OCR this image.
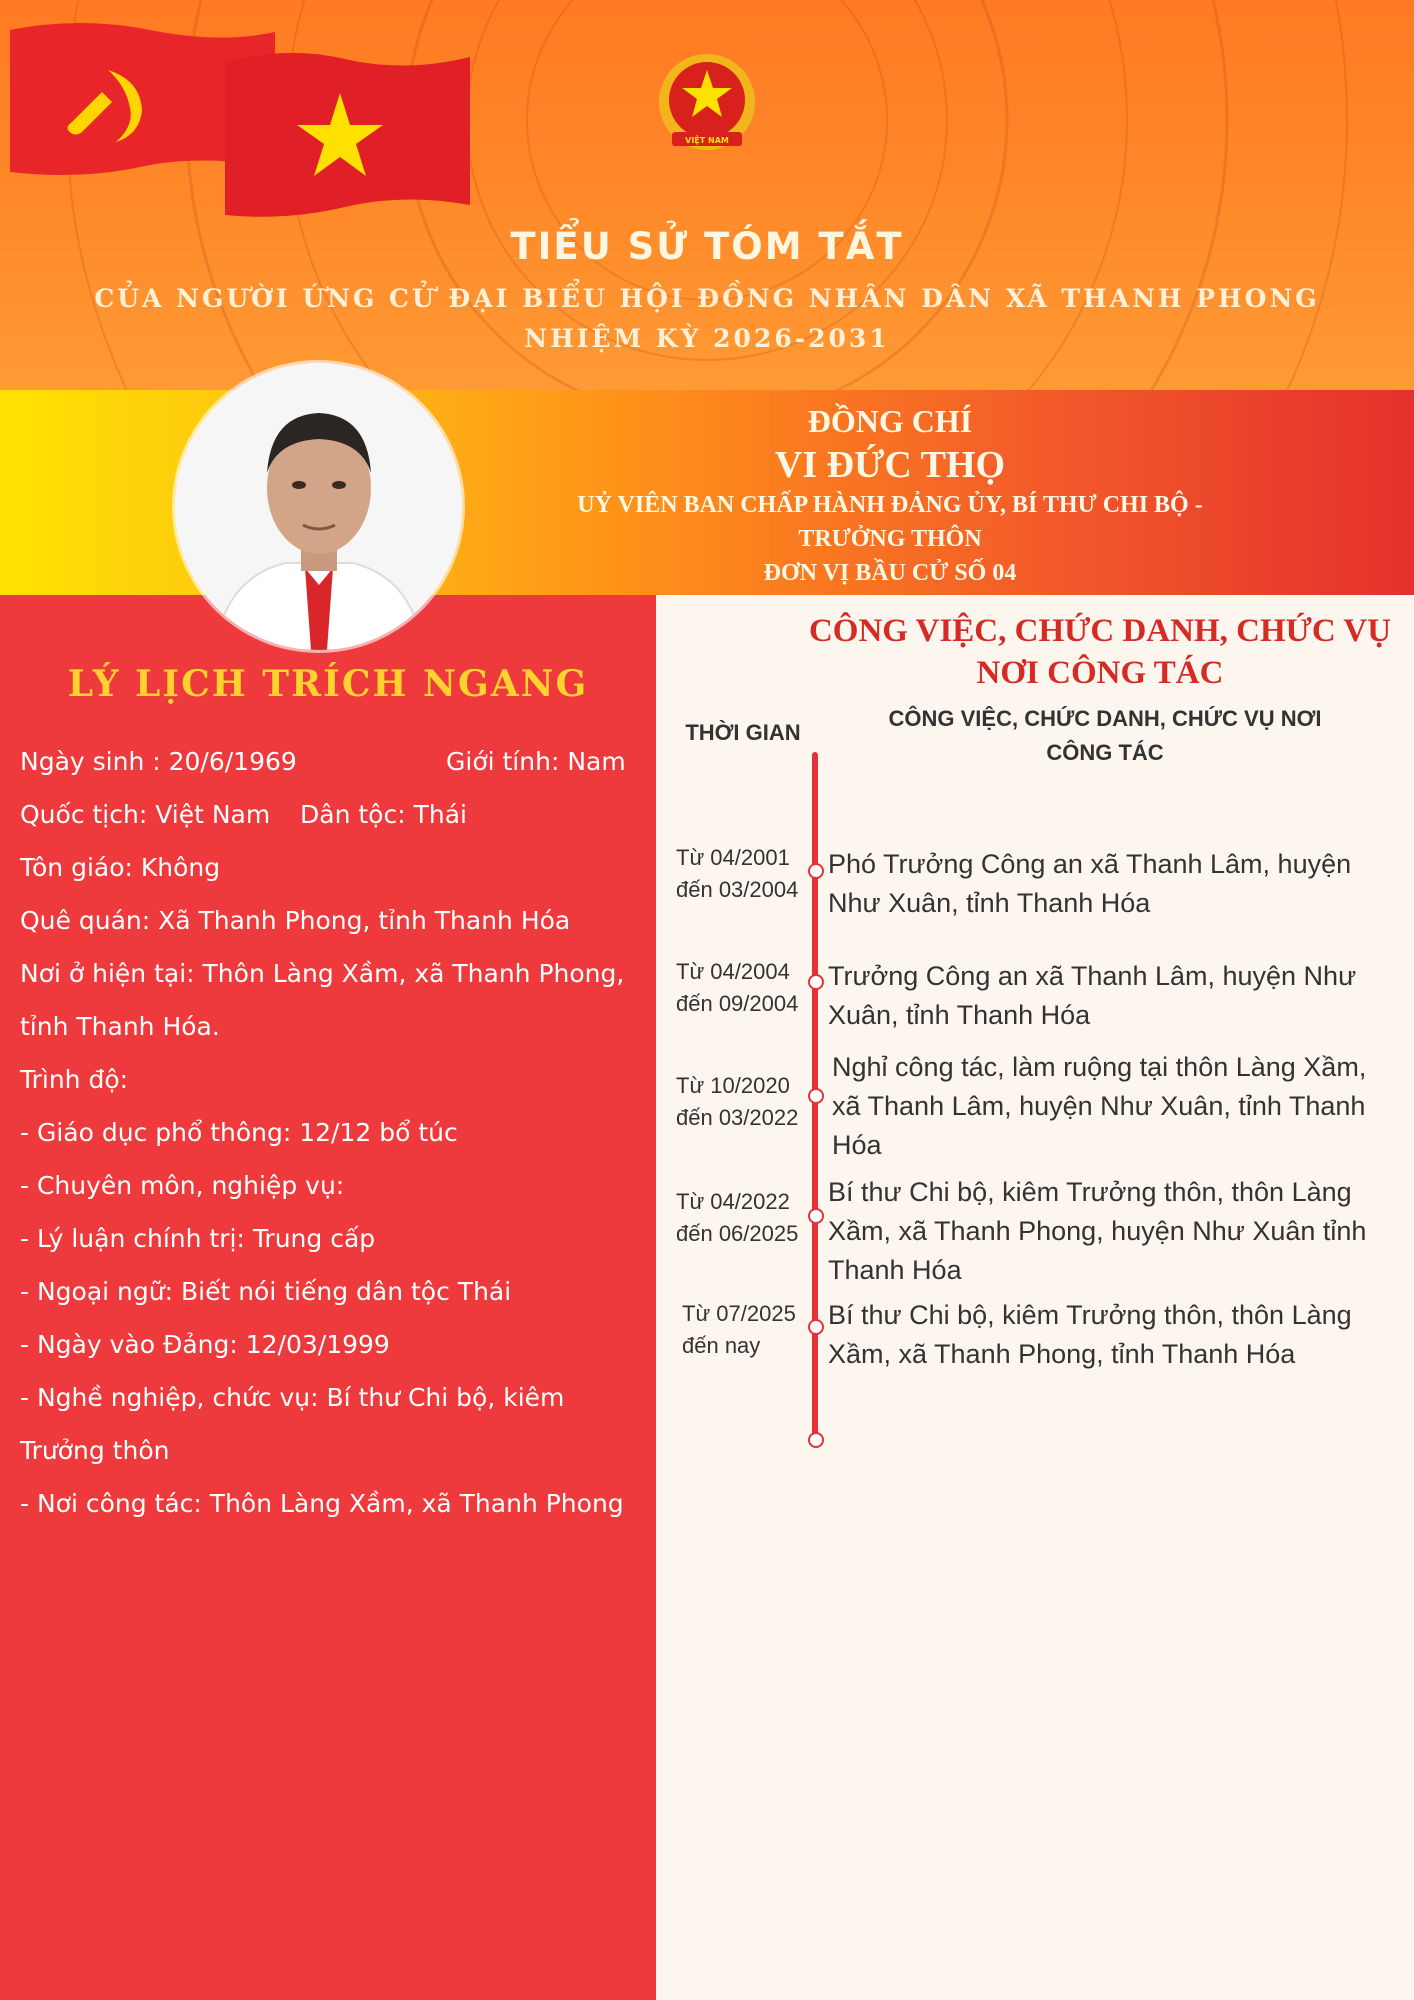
VIỆT NAM
TIỂU SỬ TÓM TẮT
CỦA NGƯỜI ỨNG CỬ ĐẠI BIỂU HỘI ĐỒNG NHÂN DÂN XÃ THANH PHONG
NHIỆM KỲ 2026-2031
ĐỒNG CHÍ
VI ĐỨC THỌ
UỶ VIÊN BAN CHẤP HÀNH ĐẢNG ỦY, BÍ THƯ CHI BỘ -
TRƯỞNG THÔN
ĐƠN VỊ BẦU CỬ SỐ 04
LÝ LỊCH TRÍCH NGANG
Ngày sinh : 20/6/1969	Giới tính: Nam
Quốc tịch: Việt Nam Dân tộc: Thái
Tôn giáo: Không
Quê quán: Xã Thanh Phong, tỉnh Thanh Hóa
Nơi ở hiện tại: Thôn Làng Xầm, xã Thanh Phong,
tỉnh Thanh Hóa.
Trình độ:
- Giáo dục phổ thông: 12/12 bổ túc
- Chuyên môn, nghiệp vụ:
- Lý luận chính trị: Trung cấp
- Ngoại ngữ: Biết nói tiếng dân tộc Thái
- Ngày vào Đảng: 12/03/1999
- Nghề nghiệp, chức vụ: Bí thư Chi bộ, kiêm
Trưởng thôn
- Nơi công tác: Thôn Làng Xầm, xã Thanh Phong
CÔNG VIỆC, CHỨC DANH, CHỨC VỤ
NƠI CÔNG TÁC
THỜI GIAN
CÔNG VIỆC, CHỨC DANH, CHỨC VỤ NƠI
CÔNG TÁC
Từ 04/2001
đến 03/2004
Phó Trưởng Công an xã Thanh Lâm, huyện
Như Xuân, tỉnh Thanh Hóa
Từ 04/2004
đến 09/2004
Trưởng Công an xã Thanh Lâm, huyện Như
Xuân, tỉnh Thanh Hóa
Từ 10/2020
đến 03/2022
Nghỉ công tác, làm ruộng tại thôn Làng Xầm,
xã Thanh Lâm, huyện Như Xuân, tỉnh Thanh
Hóa
Từ 04/2022
đến 06/2025
Bí thư Chi bộ, kiêm Trưởng thôn, thôn Làng
Xầm, xã Thanh Phong, huyện Như Xuân tỉnh
Thanh Hóa
Từ 07/2025
đến nay
Bí thư Chi bộ, kiêm Trưởng thôn, thôn Làng
Xầm, xã Thanh Phong, tỉnh Thanh Hóa
